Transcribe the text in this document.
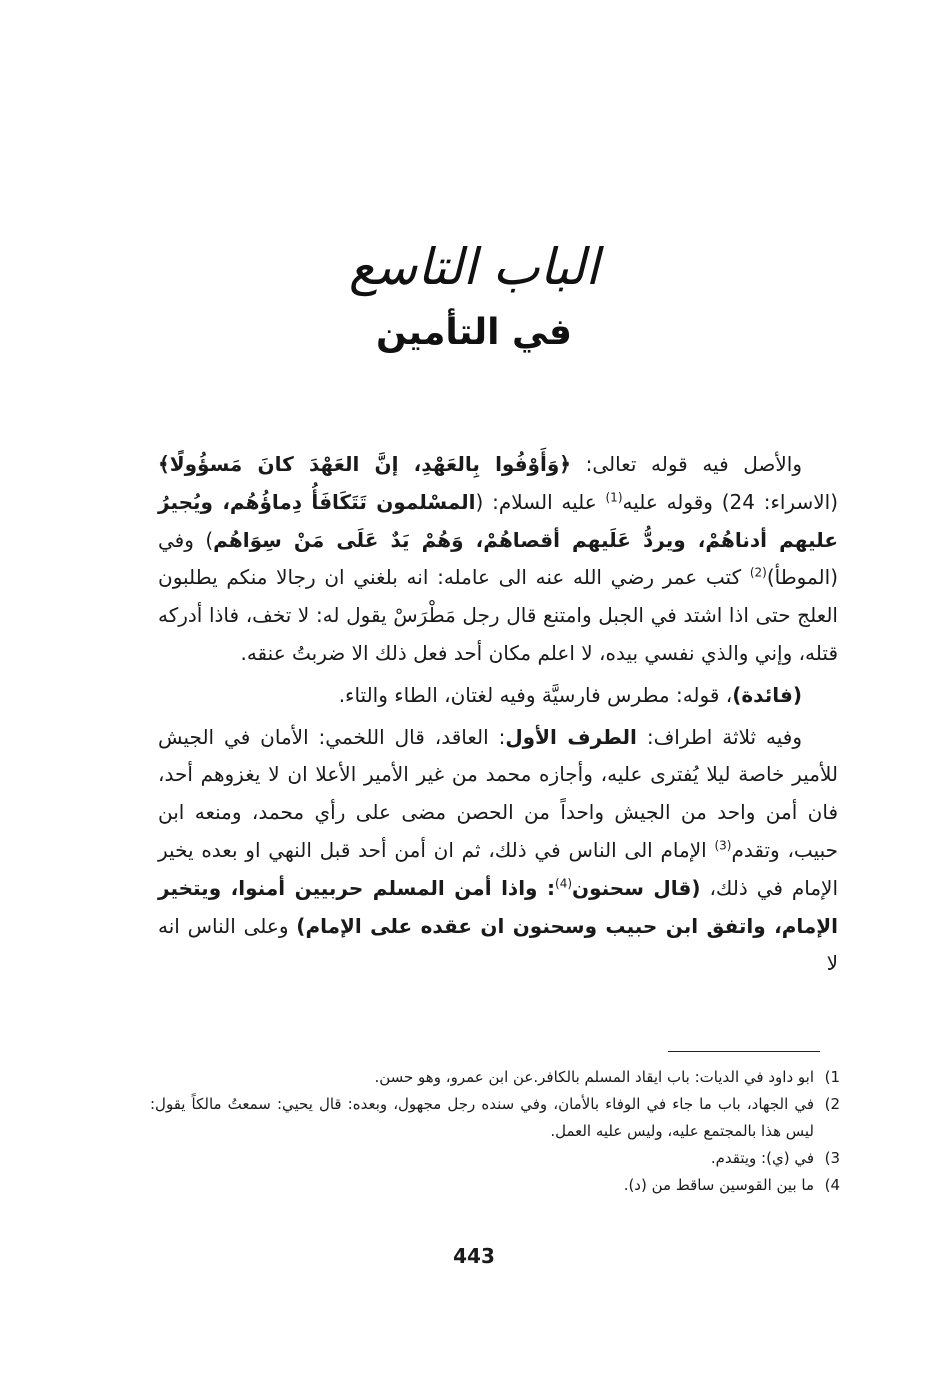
الباب التاسع
في التأمين

والأصل فيه قوله تعالى: ﴿وَأَوْفُوا بِالعَهْدِ، إنَّ العَهْدَ كانَ مَسؤُولًا﴾ (الاسراء: 24) وقوله عليه$^{(1)}$ عليه السلام: (المسْلمون تَتَكَافَأُ دِماؤُهُم، ويُجيرُ عليهم أدناهُمْ، ويردُّ عَلَيهم أقصاهُمْ، وَهُمْ يَدٌ عَلَى مَنْ سِوَاهُم) وفي (الموطأ)$^{(2)}$ كتب عمر رضي الله عنه الى عامله: انه بلغني ان رجالا منكم يطلبون العلج حتى اذا اشتد في الجبل وامتنع قال رجل مَطْرَسْ يقول له: لا تخف، فاذا أدركه قتله، وإني والذي نفسي بيده، لا اعلم مكان أحد فعل ذلك الا ضربتُ عنقه.

(فائدة)، قوله: مطرس فارسيَّة وفيه لغتان، الطاء والتاء.

وفيه ثلاثة اطراف: الطرف الأول: العاقد، قال اللخمي: الأمان في الجيش للأمير خاصة ليلا يُفترى عليه، وأجازه محمد من غير الأمير الأعلا ان لا يغزوهم أحد، فان أمن واحد من الجيش واحداً من الحصن مضى على رأي محمد، ومنعه ابن حبيب، وتقدم$^{(3)}$ الإمام الى الناس في ذلك، ثم ان أمن أحد قبل النهي او بعده يخير الإمام في ذلك، (قال سحنون$^{(4)}$: واذا أمن المسلم حربيين أمنوا، ويتخير الإمام، واتفق ابن حبيب وسحنون ان عقده على الإمام) وعلى الناس انه لا

1)
ابو داود في الديات: باب ايقاد المسلم بالكافر.عن ابن عمرو، وهو حسن.
2)
في الجهاد، باب ما جاء في الوفاء بالأمان، وفي سنده رجل مجهول، وبعده: قال يحيي: سمعتُ مالكاً يقول: ليس هذا بالمجتمع عليه، وليس عليه العمل.
3)
في (ي): ويتقدم.
4)
ما بين القوسين ساقط من (د).
443
